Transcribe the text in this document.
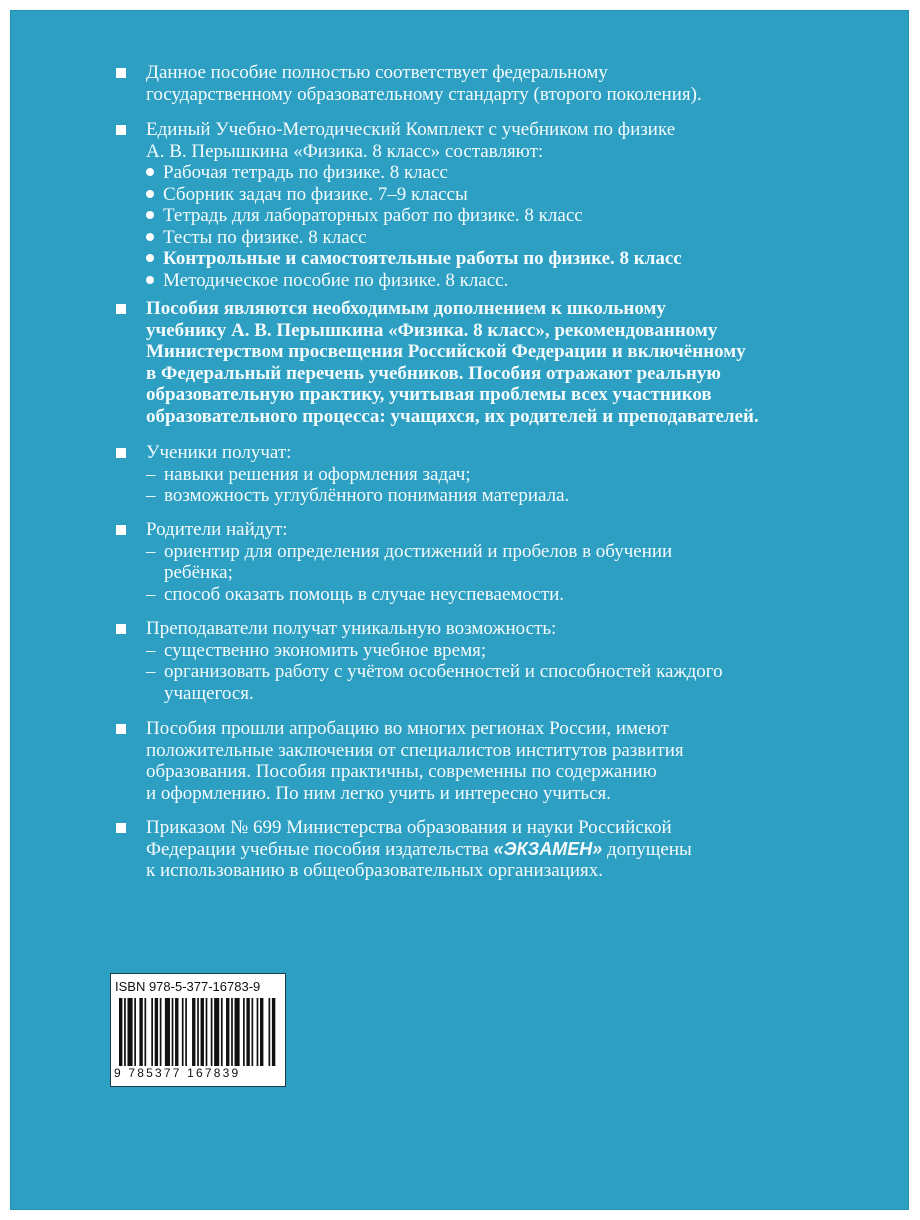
Данное пособие полностью соответствует федеральному
государственному образовательному стандарту (второго поколения).
Единый Учебно-Методический Комплект с учебником по физике
А. В. Перышкина «Физика. 8 класс» составляют:
Рабочая тетрадь по физике. 8 класс
Сборник задач по физике. 7–9 классы
Тетрадь для лабораторных работ по физике. 8 класс
Тесты по физике. 8 класс
Контрольные и самостоятельные работы по физике. 8 класс
Методическое пособие по физике. 8 класс.
Пособия являются необходимым дополнением к школьному
учебнику А. В. Перышкина «Физика. 8 класс», рекомендованному
Министерством просвещения Российской Федерации и включённому
в Федеральный перечень учебников. Пособия отражают реальную
образовательную практику, учитывая проблемы всех участников
образовательного процесса: учащихся, их родителей и преподавателей.
Ученики получат:
– навыки решения и оформления задач;
– возможность углублённого понимания материала.
Родители найдут:
– ориентир для определения достижений и пробелов в обучении
ребёнка;
– способ оказать помощь в случае неуспеваемости.
Преподаватели получат уникальную возможность:
– существенно экономить учебное время;
– организовать работу с учётом особенностей и способностей каждого
учащегося.
Пособия прошли апробацию во многих регионах России, имеют
положительные заключения от специалистов институтов развития
образования. Пособия практичны, современны по содержанию
и оформлению. По ним легко учить и интересно учиться.
Приказом № 699 Министерства образования и науки Российской
Федерации учебные пособия издательства «ЭКЗАМЕН» допущены
к использованию в общеобразовательных организациях.
ISBN 978-5-377-16783-9
9 785377 167839
